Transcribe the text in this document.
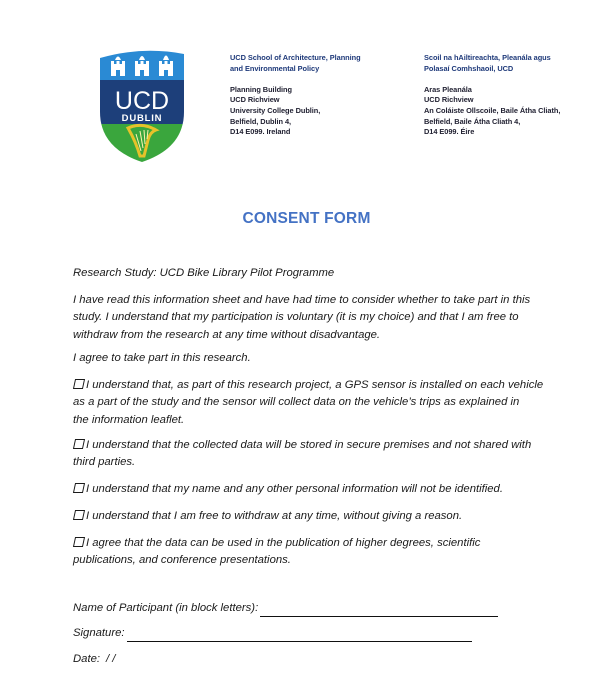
UCD
DUBLIN
UCD School of Architecture, Planning
and Environmental Policy
Planning Building
UCD Richview
University College Dublin,
Belfield, Dublin 4,
D14 E099. Ireland
Scoil na hAiltireachta, Pleanála agus
Polasaí Comhshaoil, UCD
Aras Pleanála
UCD Richview
An Coláiste Ollscoile, Baile Átha Cliath,
Belfield, Baile Átha Cliath 4,
D14 E099. Éire
CONSENT FORM
Research Study: UCD Bike Library Pilot Programme
I have read this information sheet and have had time to consider whether to take part in this
study. I understand that my participation is voluntary (it is my choice) and that I am free to
withdraw from the research at any time without disadvantage.
I agree to take part in this research.
I understand that, as part of this research project, a GPS sensor is installed on each vehicle
as a part of the study and the sensor will collect data on the vehicle’s trips as explained in
the information leaflet.
I understand that the collected data will be stored in secure premises and not shared with
third parties.
I understand that my name and any other personal information will not be identified.
I understand that I am free to withdraw at any time, without giving a reason.
I agree that the data can be used in the publication of higher degrees, scientific
publications, and conference presentations.
Name of Participant (in block letters):
Signature:
Date: / /
